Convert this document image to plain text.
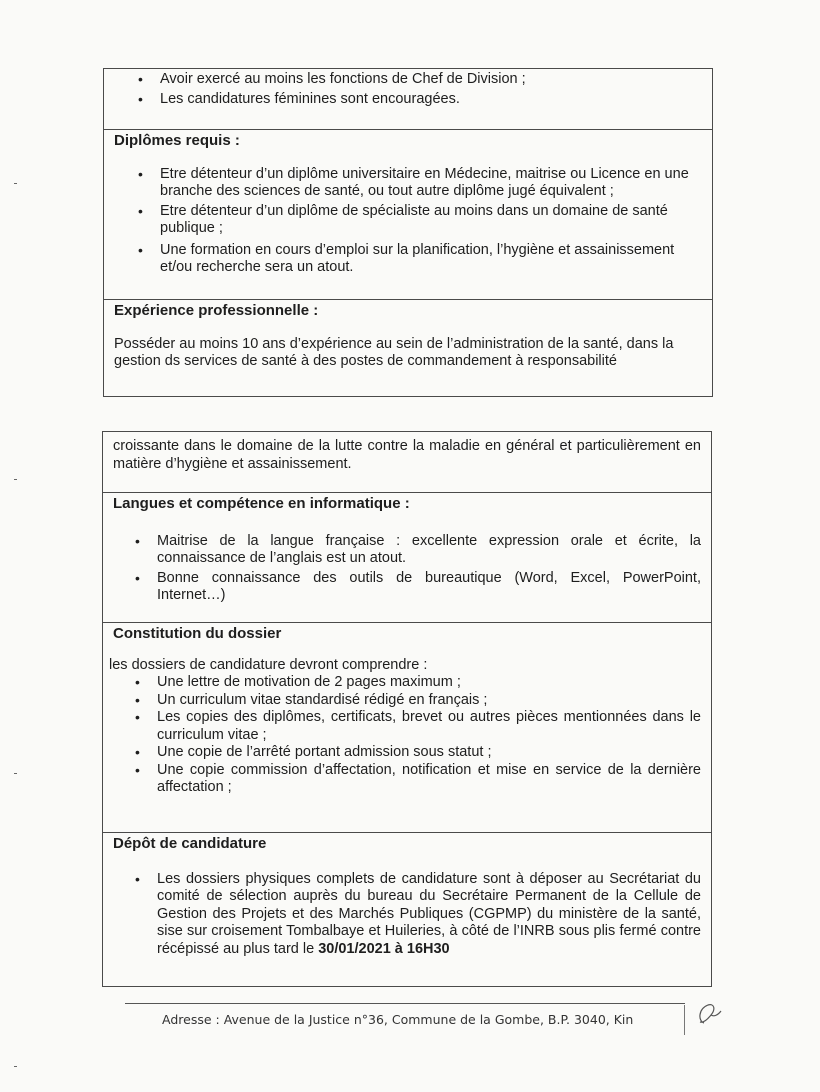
• Avoir exercé au moins les fonctions de Chef de Division ;
• Les candidatures féminines sont encouragées.

Diplômes requis :

• Etre détenteur d’un diplôme universitaire en Médecine, maitrise ou Licence en une branche des sciences de santé, ou tout autre diplôme jugé équivalent ;
• Etre détenteur d’un diplôme de spécialiste au moins dans un domaine de santé publique ;
• Une formation en cours d’emploi sur la planification, l’hygiène et assainissement et/ou recherche sera un atout.

Expérience professionnelle :

Posséder au moins 10 ans d’expérience au sein de l’administration de la santé, dans la gestion ds services de santé à des postes de commandement à responsabilité

croissante dans le domaine de la lutte contre la maladie en général et particulièrement en matière d’hygiène et assainissement.

Langues et compétence en informatique :

• Maitrise de la langue française : excellente expression orale et écrite, la connaissance de l’anglais est un atout.
• Bonne connaissance des outils de bureautique (Word, Excel, PowerPoint, Internet…)

Constitution du dossier

les dossiers de candidature devront comprendre :

• Une lettre de motivation de 2 pages maximum ;
• Un curriculum vitae standardisé rédigé en français ;
• Les copies des diplômes, certificats, brevet ou autres pièces mentionnées dans le curriculum vitae ;
• Une copie de l’arrêté portant admission sous statut ;
• Une copie commission d’affectation, notification et mise en service de la dernière affectation ;

Dépôt de candidature

• Les dossiers physiques complets de candidature sont à déposer au Secrétariat du comité de sélection auprès du bureau du Secrétaire Permanent de la Cellule de Gestion des Projets et des Marchés Publiques (CGPMP) du ministère de la santé, sise sur croisement Tombalbaye et Huileries, à côté de l’INRB sous plis fermé contre récépissé au plus tard le 30/01/2021 à 16H30
Adresse : Avenue de la Justice n°36, Commune de la Gombe, B.P. 3040, Kin
